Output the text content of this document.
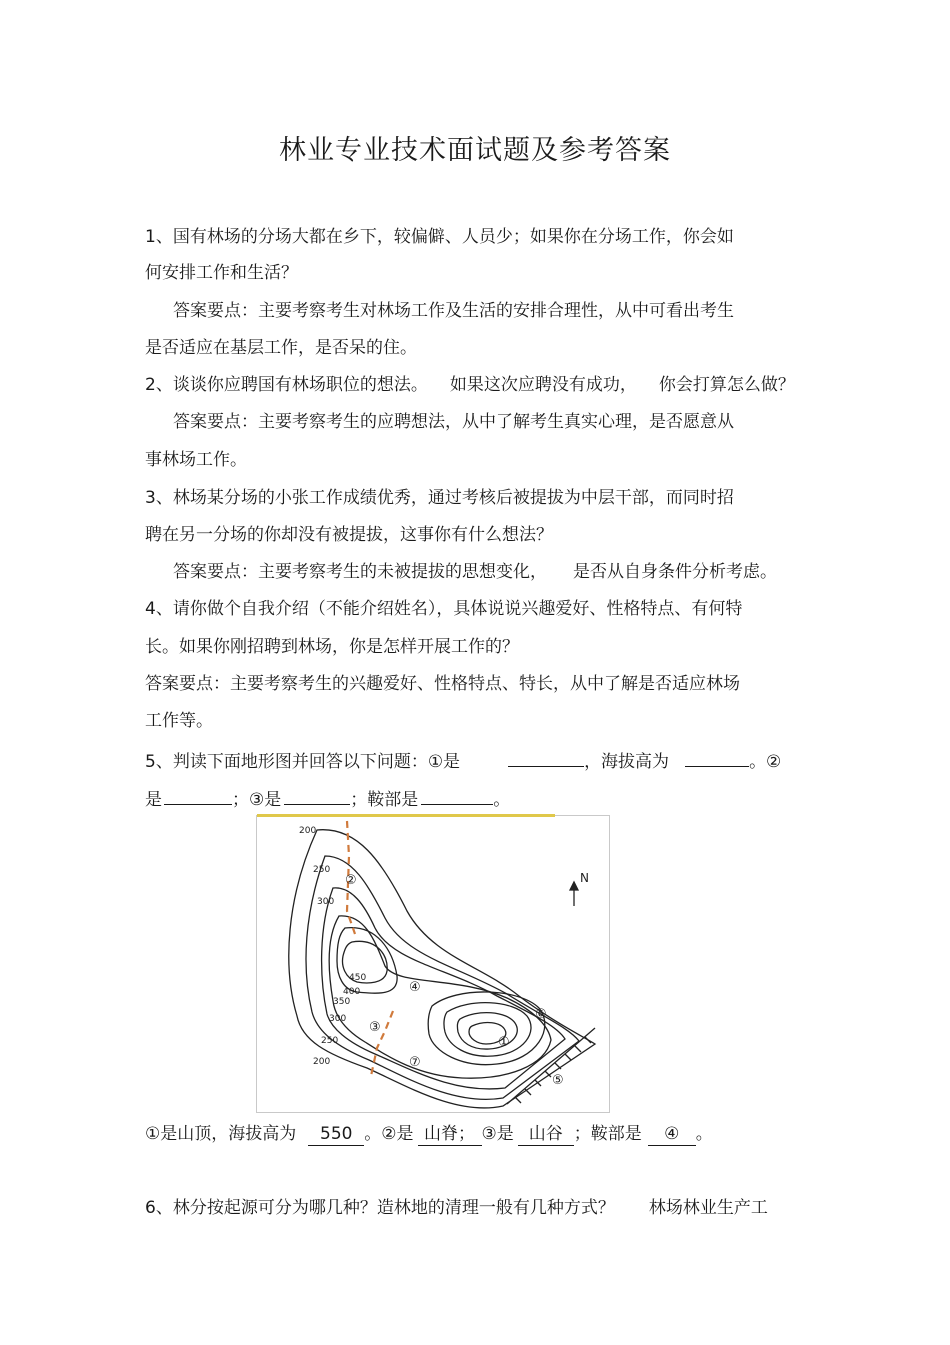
林业专业技术面试题及参考答案
1、国有林场的分场大都在乡下，较偏僻、人员少；如果你在分场工作，你会如
何安排工作和生活？
答案要点：主要考察考生对林场工作及生活的安排合理性，从中可看出考生
是否适应在基层工作，是否呆的住。
2、谈谈你应聘国有林场职位的想法。 如果这次应聘没有成功， 你会打算怎么做？
答案要点：主要考察考生的应聘想法，从中了解考生真实心理，是否愿意从
事林场工作。
3、林场某分场的小张工作成绩优秀，通过考核后被提拔为中层干部，而同时招
聘在另一分场的你却没有被提拔，这事你有什么想法？
答案要点：主要考察考生的未被提拔的思想变化， 是否从自身条件分析考虑。
4、请你做个自我介绍（不能介绍姓名），具体说说兴趣爱好、性格特点、有何特
长。如果你刚招聘到林场，你是怎样开展工作的？
答案要点：主要考察考生的兴趣爱好、性格特点、特长，从中了解是否适应林场
工作等。
5、判读下面地形图并回答以下问题：①是	，海拔高为	。②
是	；③是	；鞍部是	。
200
250
300
450
400
350
300
250
200
②
④
③
①
⑥
⑦
⑤
N
①是山顶，海拔高为 550 。②是 山脊； ③是 山谷 ；鞍部是 ④ 。
6、林分按起源可分为哪几种？造林地的清理一般有几种方式？ 林场林业生产工
